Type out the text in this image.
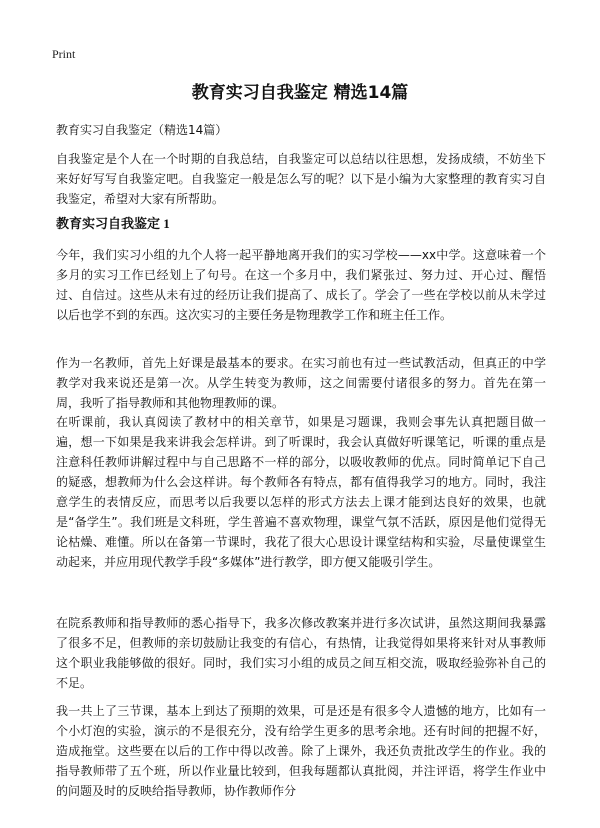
Print
教育实习自我鉴定 精选14篇
教育实习自我鉴定（精选14篇）
自我鉴定是个人在一个时期的自我总结，自我鉴定可以总结以往思想，发扬成绩，不妨坐下来好好写写自我鉴定吧。自我鉴定一般是怎么写的呢？以下是小编为大家整理的教育实习自我鉴定，希望对大家有所帮助。
教育实习自我鉴定 1
今年，我们实习小组的九个人将一起平静地离开我们的实习学校——xx中学。这意味着一个多月的实习工作已经划上了句号。在这一个多月中，我们紧张过、努力过、开心过、醒悟过、自信过。这些从未有过的经历让我们提高了、成长了。学会了一些在学校以前从未学过以后也学不到的东西。这次实习的主要任务是物理教学工作和班主任工作。
作为一名教师，首先上好课是最基本的要求。在实习前也有过一些试教活动，但真正的中学教学对我来说还是第一次。从学生转变为教师，这之间需要付诸很多的努力。首先在第一周，我听了指导教师和其他物理教师的课。
在听课前，我认真阅读了教材中的相关章节，如果是习题课，我则会事先认真把题目做一遍，想一下如果是我来讲我会怎样讲。到了听课时，我会认真做好听课笔记，听课的重点是注意科任教师讲解过程中与自己思路不一样的部分，以吸收教师的优点。同时简单记下自己的疑惑，想教师为什么会这样讲。每个教师各有特点，都有值得我学习的地方。同时，我注意学生的表情反应，而思考以后我要以怎样的形式方法去上课才能到达良好的效果，也就是“备学生”。我们班是文科班，学生普遍不喜欢物理，课堂气氛不活跃，原因是他们觉得无论枯燥、难懂。所以在备第一节课时，我花了很大心思设计课堂结构和实验，尽量使课堂生动起来，并应用现代教学手段“多媒体”进行教学，即方便又能吸引学生。
在院系教师和指导教师的悉心指导下，我多次修改教案并进行多次试讲，虽然这期间我暴露了很多不足，但教师的亲切鼓励让我变的有信心，有热情，让我觉得如果将来针对从事教师这个职业我能够做的很好。同时，我们实习小组的成员之间互相交流，吸取经验弥补自己的不足。
我一共上了三节课，基本上到达了预期的效果，可是还是有很多令人遗憾的地方，比如有一个小灯泡的实验，演示的不是很充分，没有给学生更多的思考余地。还有时间的把握不好，造成拖堂。这些要在以后的工作中得以改善。除了上课外，我还负责批改学生的作业。我的指导教师带了五个班，所以作业量比较到，但我每题都认真批阅，并注评语，将学生作业中的问题及时的反映给指导教师，协作教师作分
